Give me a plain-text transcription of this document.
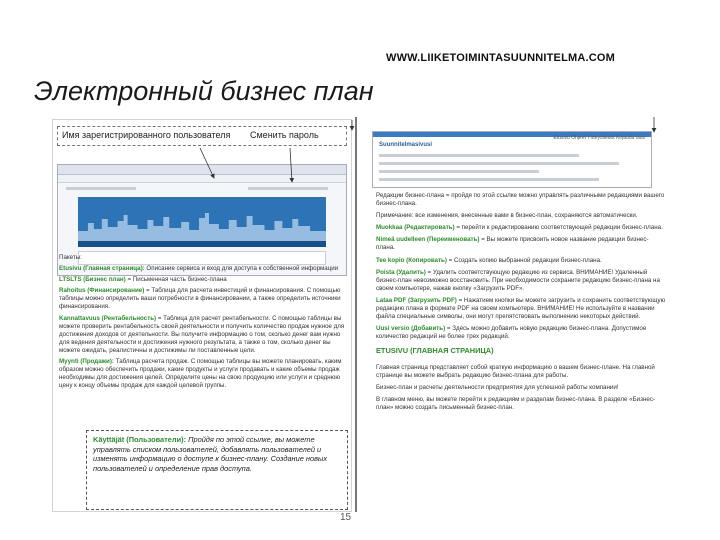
WWW.LIIKETOIMINTASUUNNITELMA.COM
Электронный бизнес план
Имя зарегистрированного пользователя Сменить пароль

Пакеты:

Etusivu (Главная страница): Описание сервиса и вход для доступа к собственной информации

LTSLTS (Бизнес план) = Письменная часть бизнес-плана

Rahoitus (Финансирование) = Таблица для расчета инвестиций и финансирования. С помощью таблицы можно определить ваши потребности в финансировании, а также определить источники финансирования.

Kannattavuus (Рентабельность) = Таблица для расчет рентабельности. С помощью таблицы вы можете проверить рентабельность своей деятельности и получить количество продаж нужное для достижения доходов от деятельности. Вы получите информацию о том, сколько денег вам нужно для ведения деятельности и достижения нужного результата, а также о том, сколько денег вы можете ожидать, реалистичны и достижимы ли поставленные цели.

Myynti (Продажи): Таблица расчета продаж. С помощью таблицы вы можете планировать, каким образом можно обеспечить продажи, какие продукты и услуги продавать и какие объемы продаж необходимы для достижения целей. Определите цены на свою продукцию или услуги и среднюю цену к концу объемы продаж для каждой целевой группы.

Käyttäjät (Пользователи): Пройдя по этой ссылке, вы можете управлять списком пользователей, добавлять пользователей и изменять информацию о доступе к бизнес-плану. Создание новых пользователей и определение прав доступа.
Suunnitelmasivusi
Etusivu Ohjeet Yhteystiedot Kirjaudu ulos

Редакции бизнес-плана = пройдя по этой ссылке можно управлять различными редакциями вашего бизнес-плана.

Примечание: все изменения, внесенные вами в бизнес-план, сохраняются автоматически.

Muokkaa (Редактировать) = перейти к редактированию соответствующей редакции бизнес-плана.

Nimeä uudelleen (Переименовать) = Вы можете присвоить новое название редакции бизнес-плана.

Tee kopio (Копировать) = Создать копию выбранной редакции бизнес-плана.

Poista (Удалить) = Удалить соответствующую редакцию из сервиса. ВНИМАНИЕ! Удаленный бизнес-план невозможно восстановить. При необходимости сохраните редакцию бизнес-плана на своем компьютере, нажав кнопку «Загрузить PDF».

Lataa PDF (Загрузить PDF) = Нажатием кнопки вы можете загрузить и сохранить соответствующую редакцию плана в формате PDF на своем компьютере. ВНИМАНИЕ! Не используйте в названии файла специальные символы, они могут препятствовать выполнению некоторых действий.

Uusi versio (Добавить) = Здесь можно добавить новую редакцию бизнес-плана. Допустимое количество редакций не более трех редакций.

ETUSIVU (ГЛАВНАЯ СТРАНИЦА)

Главная страница представляет собой краткую информацию о вашем бизнес-плане. На главной странице вы можете выбрать редакцию бизнес-плана для работы.

Бизнес-план и расчеты деятельности предприятия для успешной работы компании!

В главном меню, вы можете перейти к редакциям и разделам бизнес-плана. В разделе «Бизнес-план» можно создать письменный бизнес-план.

15
